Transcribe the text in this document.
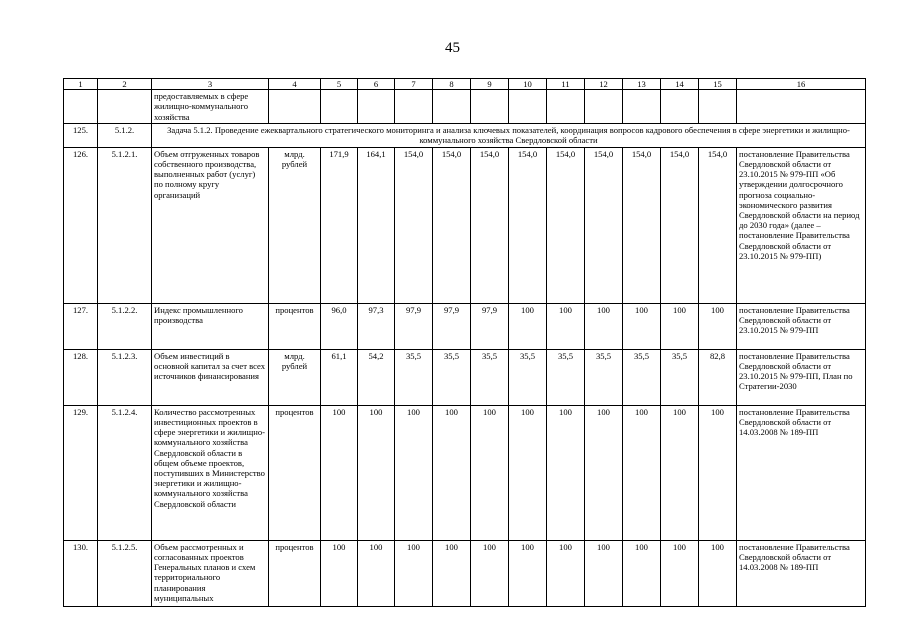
45
1	2	3	4	5	6	7	8	9	10	11	12	13	14	15	16
		предоставляемых в сфере жилищно-коммунального хозяйства													
125.	5.1.2.	Задача 5.1.2. Проведение ежеквартального стратегического мониторинга и анализа ключевых показателей, координация вопросов кадрового обеспечения в сфере энергетики и жилищно-коммунального хозяйства Свердловской области													
126.	5.1.2.1.	Объем отгруженных товаров собственного производства, выполненных работ (услуг) по полному кругу организаций	млрд. рублей	171,9	164,1	154,0	154,0	154,0	154,0	154,0	154,0	154,0	154,0	154,0	постановление Правительства Свердловской области от 23.10.2015 № 979-ПП «Об утверждении долгосрочного прогноза социально-экономического развития Свердловской области на период до 2030 года» (далее – постановление Правительства Свердловской области от 23.10.2015 № 979-ПП)
127.	5.1.2.2.	Индекс промышленного производства	процентов	96,0	97,3	97,9	97,9	97,9	100	100	100	100	100	100	постановление Правительства Свердловской области от 23.10.2015 № 979-ПП
128.	5.1.2.3.	Объем инвестиций в основной капитал за счет всех источников финансирования	млрд. рублей	61,1	54,2	35,5	35,5	35,5	35,5	35,5	35,5	35,5	35,5	82,8	постановление Правительства Свердловской области от 23.10.2015 № 979-ПП, План по Стратегии-2030
129.	5.1.2.4.	Количество рассмотренных инвестиционных проектов в сфере энергетики и жилищно-коммунального хозяйства Свердловской области в общем объеме проектов, поступивших в Министерство энергетики и жилищно-коммунального хозяйства Свердловской области	процентов	100	100	100	100	100	100	100	100	100	100	100	постановление Правительства Свердловской области от 14.03.2008 № 189-ПП
130.	5.1.2.5.	Объем рассмотренных и согласованных проектов Генеральных планов и схем территориального планирования муниципальных	процентов	100	100	100	100	100	100	100	100	100	100	100	постановление Правительства Свердловской области от 14.03.2008 № 189-ПП
